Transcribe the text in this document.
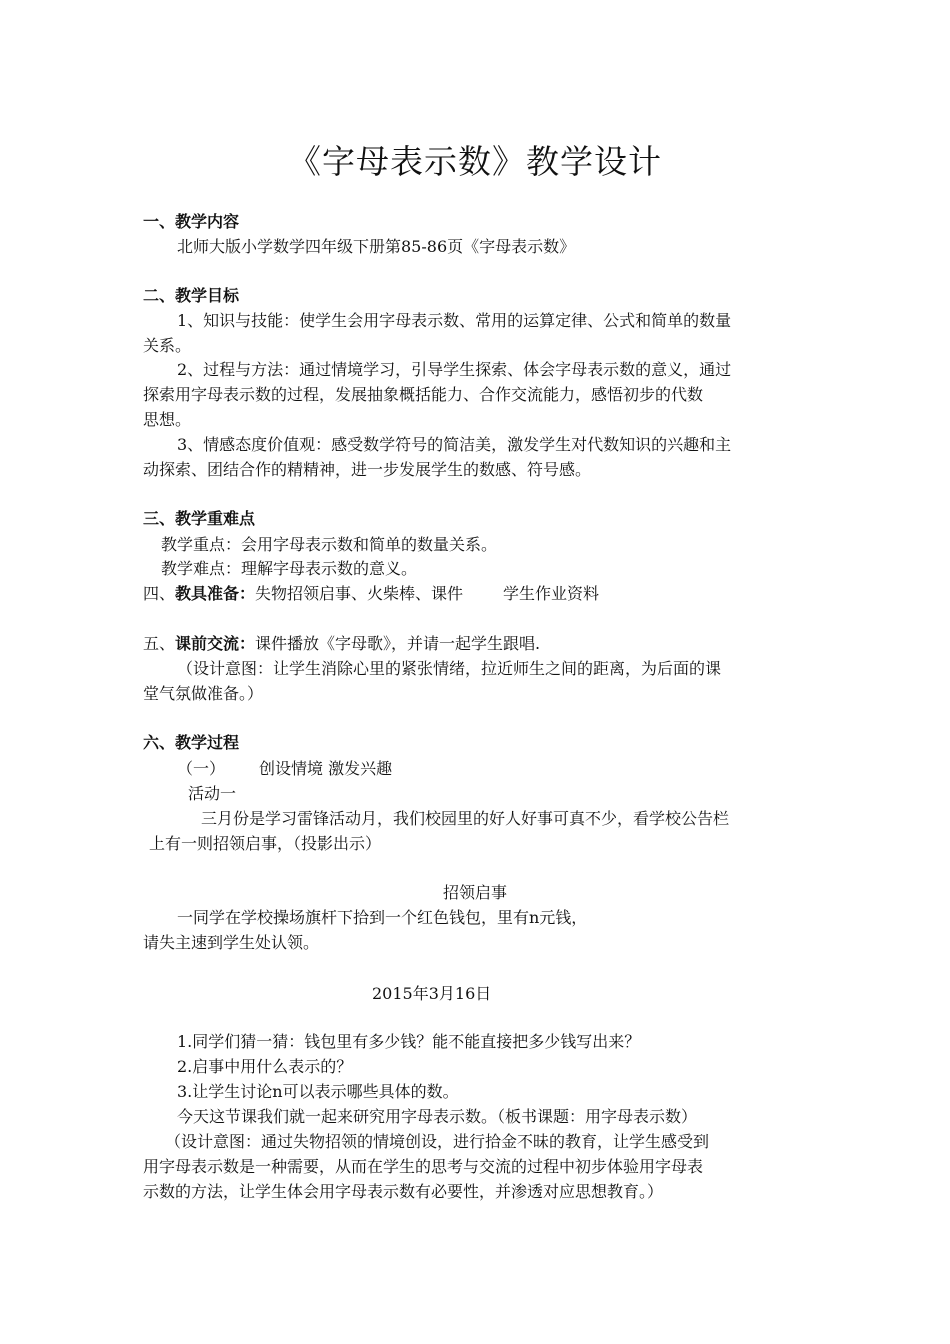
《字母表示数》教学设计
一、教学内容
北师大版小学数学四年级下册第85-86页《字母表示数》
二、教学目标
1、知识与技能：使学生会用字母表示数、常用的运算定律、公式和简单的数量
关系。
2、过程与方法：通过情境学习，引导学生探索、体会字母表示数的意义，通过
探索用字母表示数的过程，发展抽象概括能力、合作交流能力，感悟初步的代数
思想。
3、情感态度价值观：感受数学符号的简洁美，激发学生对代数知识的兴趣和主
动探索、团结合作的精精神，进一步发展学生的数感、符号感。
三、教学重难点
教学重点：会用字母表示数和简单的数量关系。
教学难点：理解字母表示数的意义。
四、教具准备：失物招领启事、火柴棒、课件	学生作业资料
五、课前交流：课件播放《字母歌》，并请一起学生跟唱.
（设计意图：让学生消除心里的紧张情绪，拉近师生之间的距离，为后面的课
堂气氛做准备。）
六、教学过程
（一） 创设情境 激发兴趣
活动一
三月份是学习雷锋活动月，我们校园里的好人好事可真不少，看学校公告栏
上有一则招领启事，（投影出示）
招领启事
一同学在学校操场旗杆下拾到一个红色钱包，里有n元钱，
请失主速到学生处认领。
2015年3月16日
1.同学们猜一猜：钱包里有多少钱？能不能直接把多少钱写出来？
2.启事中用什么表示的？
3.让学生讨论n可以表示哪些具体的数。
今天这节课我们就一起来研究用字母表示数。（板书课题：用字母表示数）
（设计意图：通过失物招领的情境创设，进行拾金不昧的教育，让学生感受到
用字母表示数是一种需要，从而在学生的思考与交流的过程中初步体验用字母表
示数的方法，让学生体会用字母表示数有必要性，并渗透对应思想教育。）
